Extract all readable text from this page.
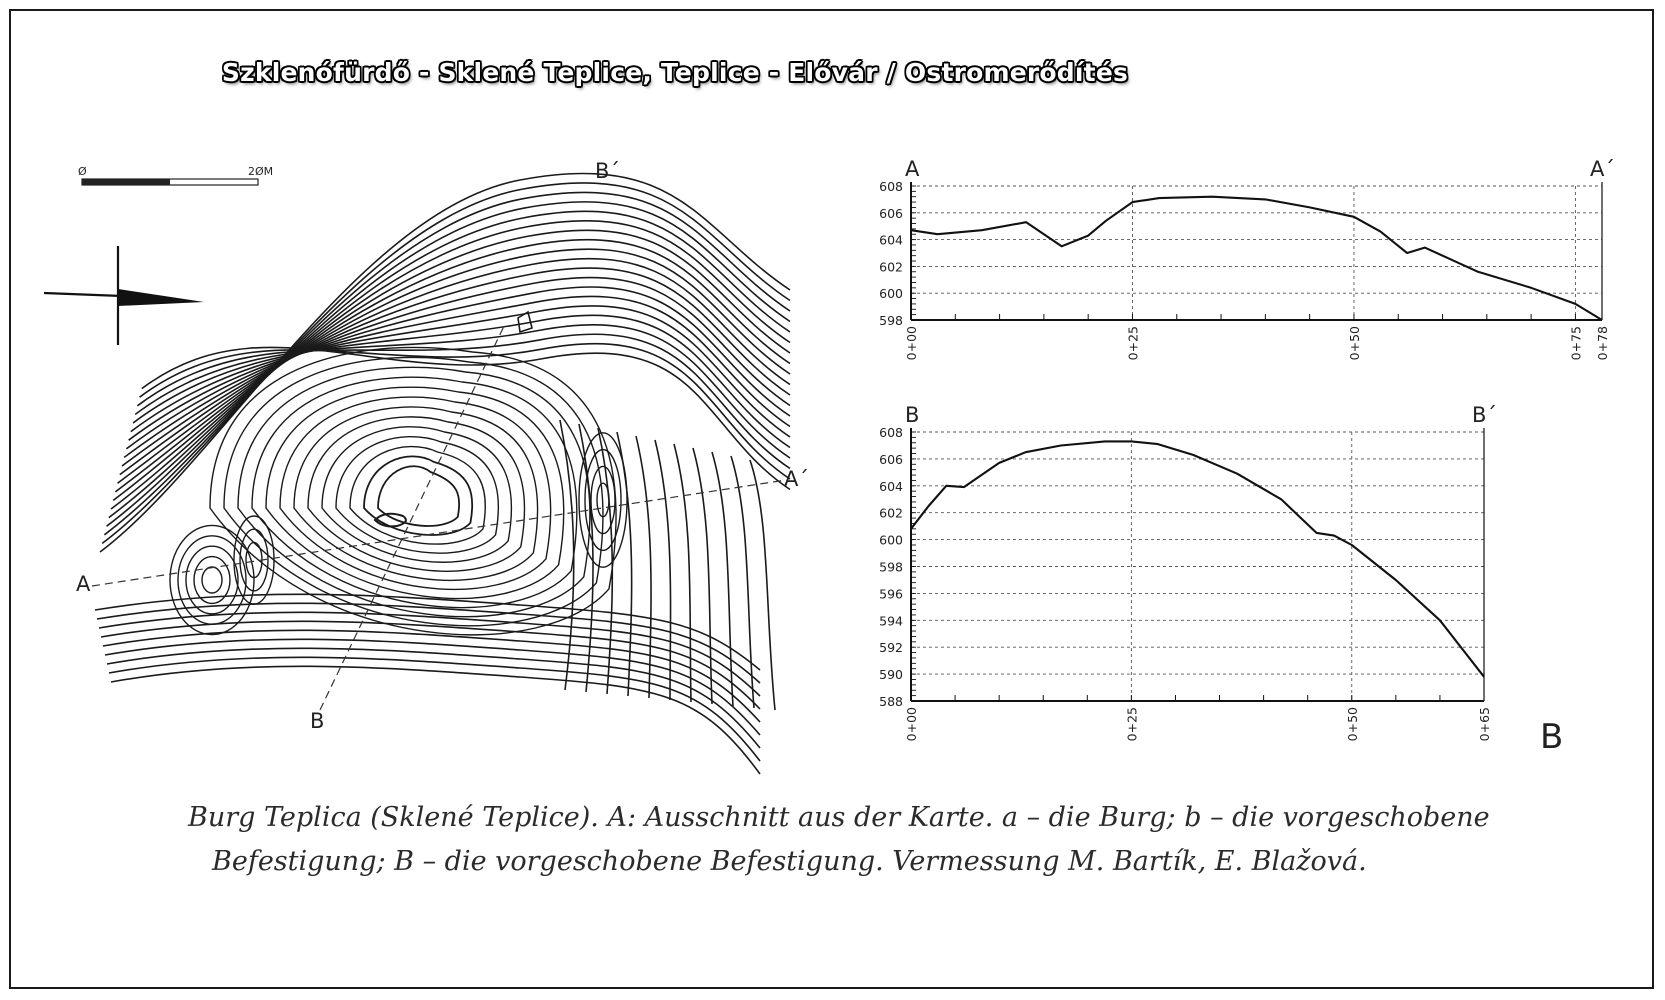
Szklenófürdő - Sklené Teplice, Teplice - Elővár / Ostromerődítés
Ø	2ØM
A
A´
B
B´	A	A´
598
600
602
604
606
608
0+00	0+25	0+50	0+75 0+78
B	B´
588
590
592
594
596
598
600
602
604
606
608
0+00	0+25	0+50	0+65 B
Burg Teplica (Sklené Teplice). A: Ausschnitt aus der Karte. a – die Burg; b – die vorgeschobene
Befestigung; B – die vorgeschobene Befestigung. Vermessung M. Bartík, E. Blažová.
